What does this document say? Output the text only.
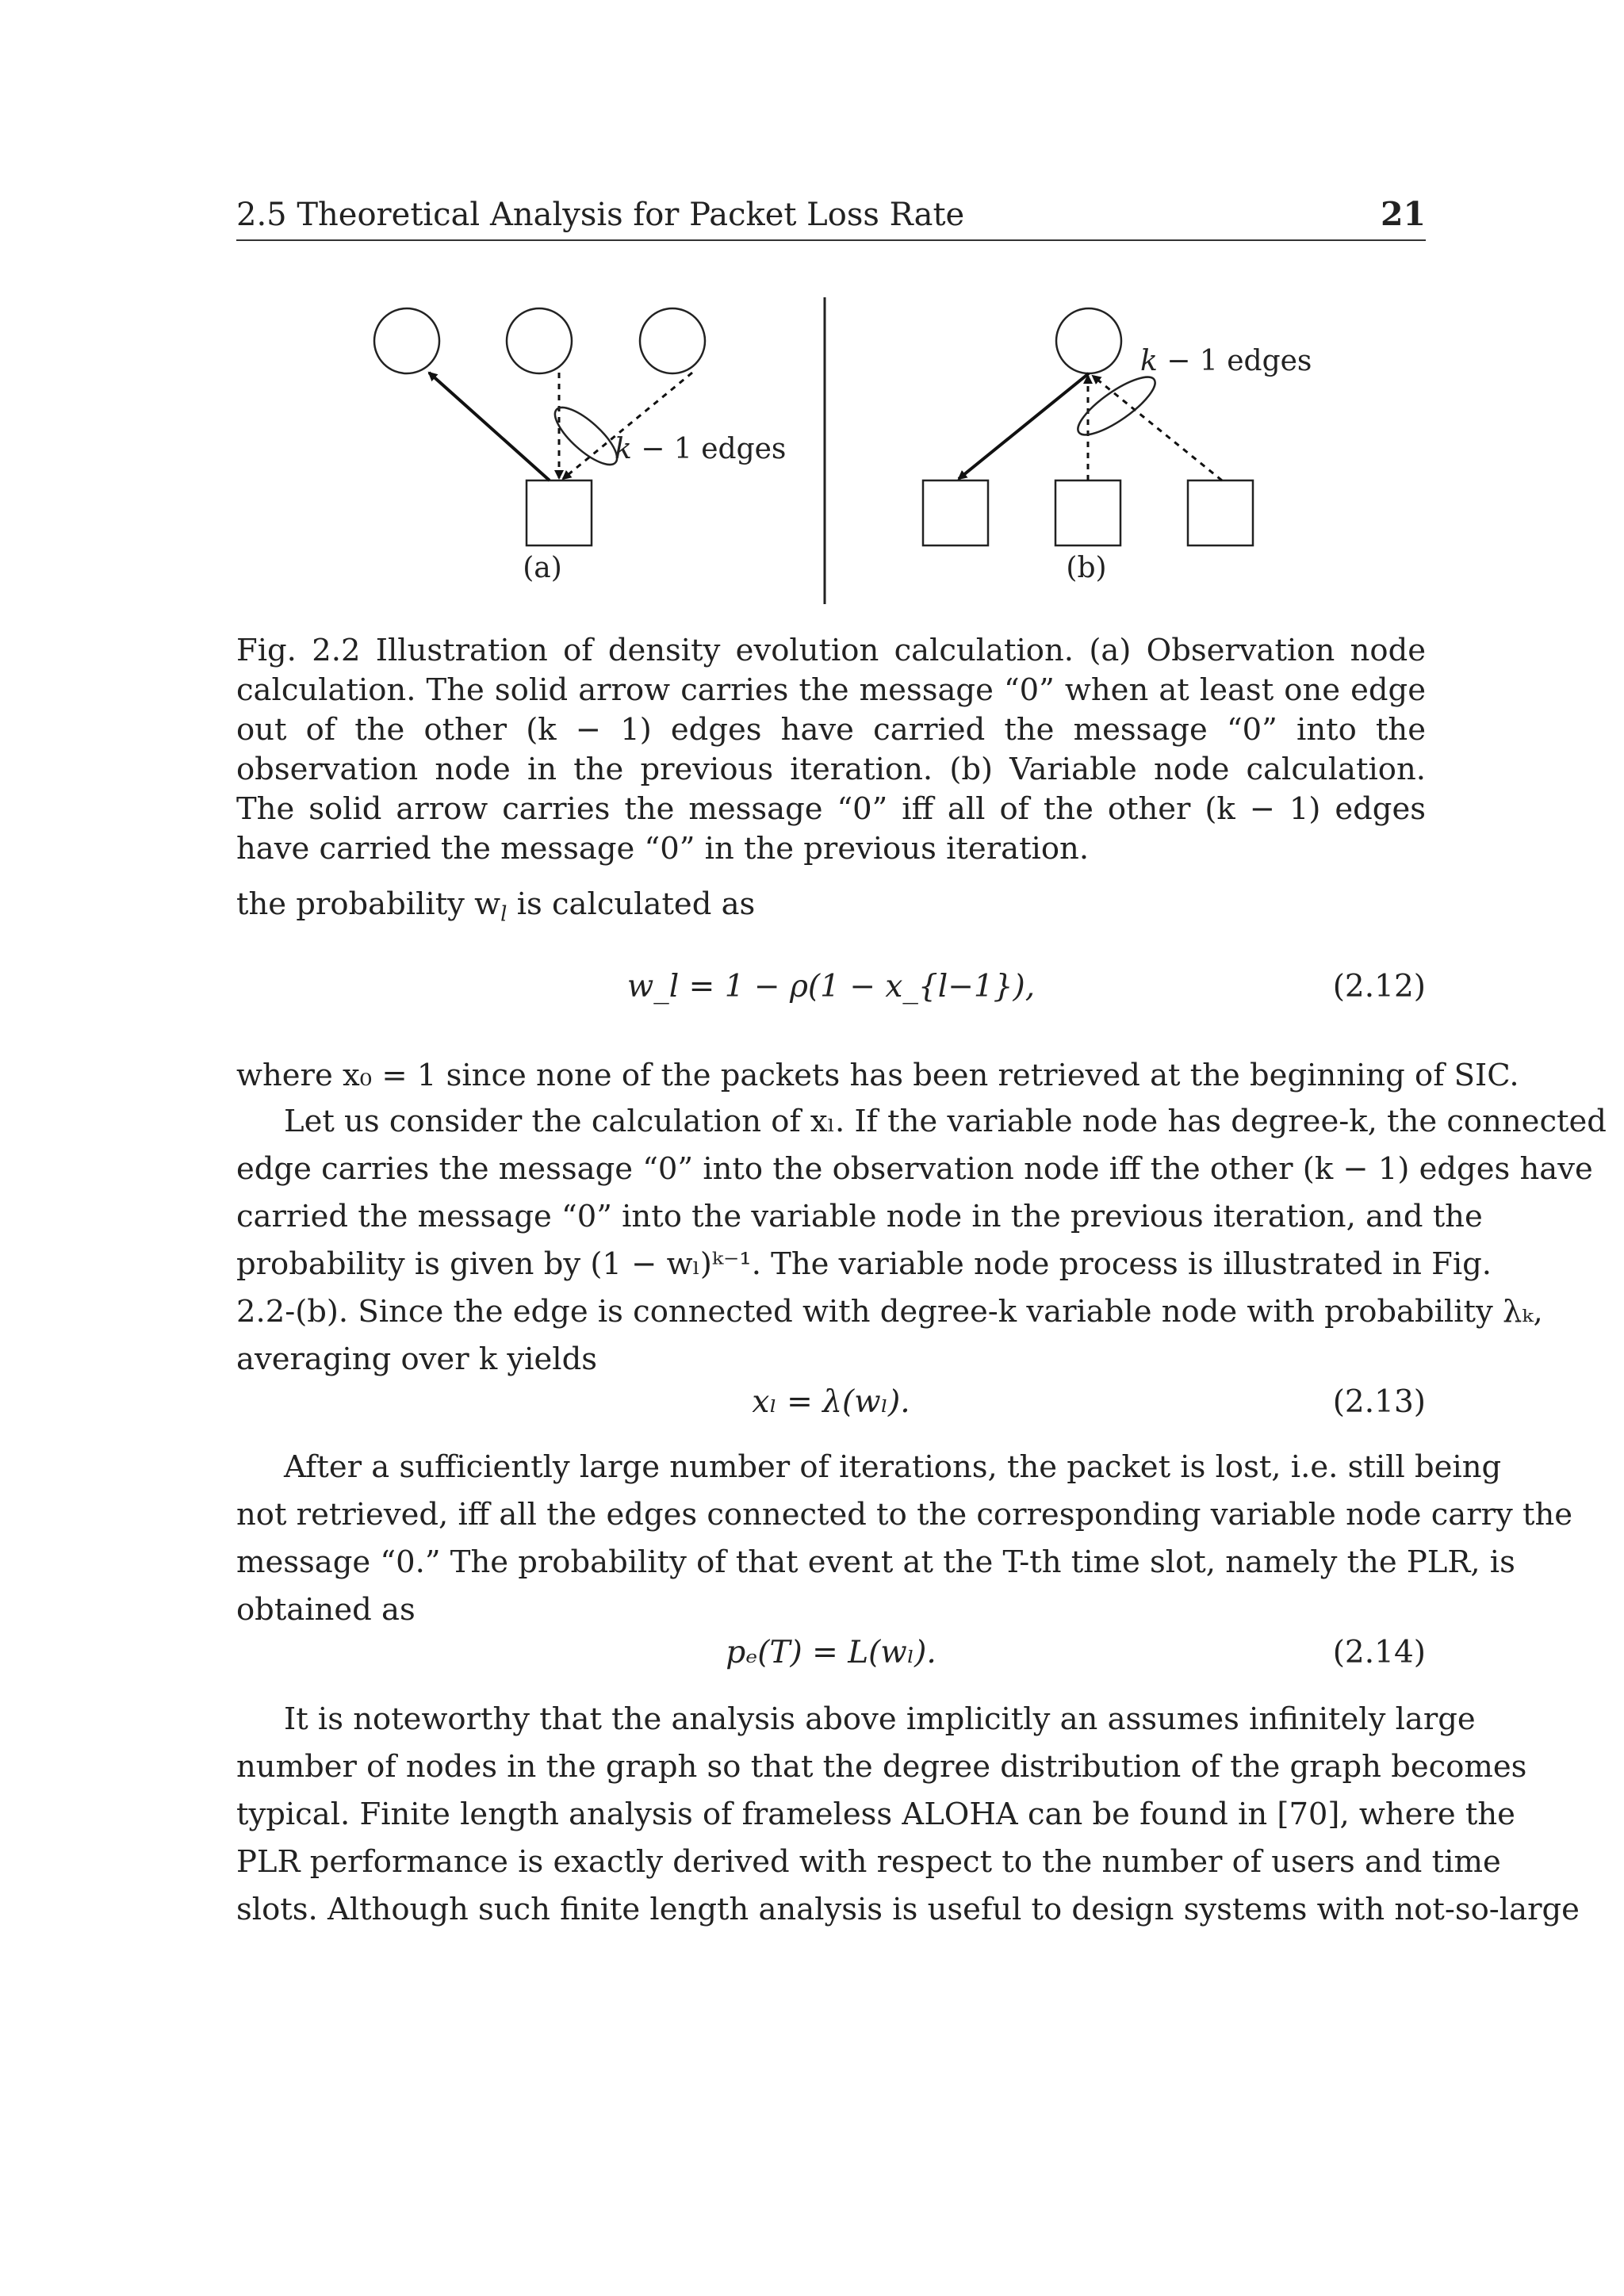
2.5 Theoretical Analysis for Packet Loss Rate	21
k − 1 edges
(a)
k − 1 edges
(b)
Fig. 2.2 Illustration of density evolution calculation. (a) Observation node calculation. The solid arrow carries the message “0” when at least one edge out of the other (k − 1) edges have carried the message “0” into the observation node in the previous iteration. (b) Variable node calculation. The solid arrow carries the message “0” iff all of the other (k − 1) edges have carried the message “0” in the previous iteration.
the probability $w_l$ is calculated as
w_l = 1 − ρ(1 − x_{l−1}),	(2.12)
where x₀ = 1 since none of the packets has been retrieved at the beginning of SIC.
Let us consider the calculation of xₗ. If the variable node has degree-k, the connected
edge carries the message “0” into the observation node iff the other (k − 1) edges have
carried the message “0” into the variable node in the previous iteration, and the
probability is given by (1 − wₗ)ᵏ⁻¹. The variable node process is illustrated in Fig.
2.2-(b). Since the edge is connected with degree-k variable node with probability λₖ,
averaging over k yields
xₗ = λ(wₗ).	(2.13)
After a sufficiently large number of iterations, the packet is lost, i.e. still being
not retrieved, iff all the edges connected to the corresponding variable node carry the
message “0.” The probability of that event at the T-th time slot, namely the PLR, is
obtained as
pₑ(T) = L(wₗ).	(2.14)
It is noteworthy that the analysis above implicitly an assumes infinitely large
number of nodes in the graph so that the degree distribution of the graph becomes
typical. Finite length analysis of frameless ALOHA can be found in [70], where the
PLR performance is exactly derived with respect to the number of users and time
slots. Although such finite length analysis is useful to design systems with not-so-large
